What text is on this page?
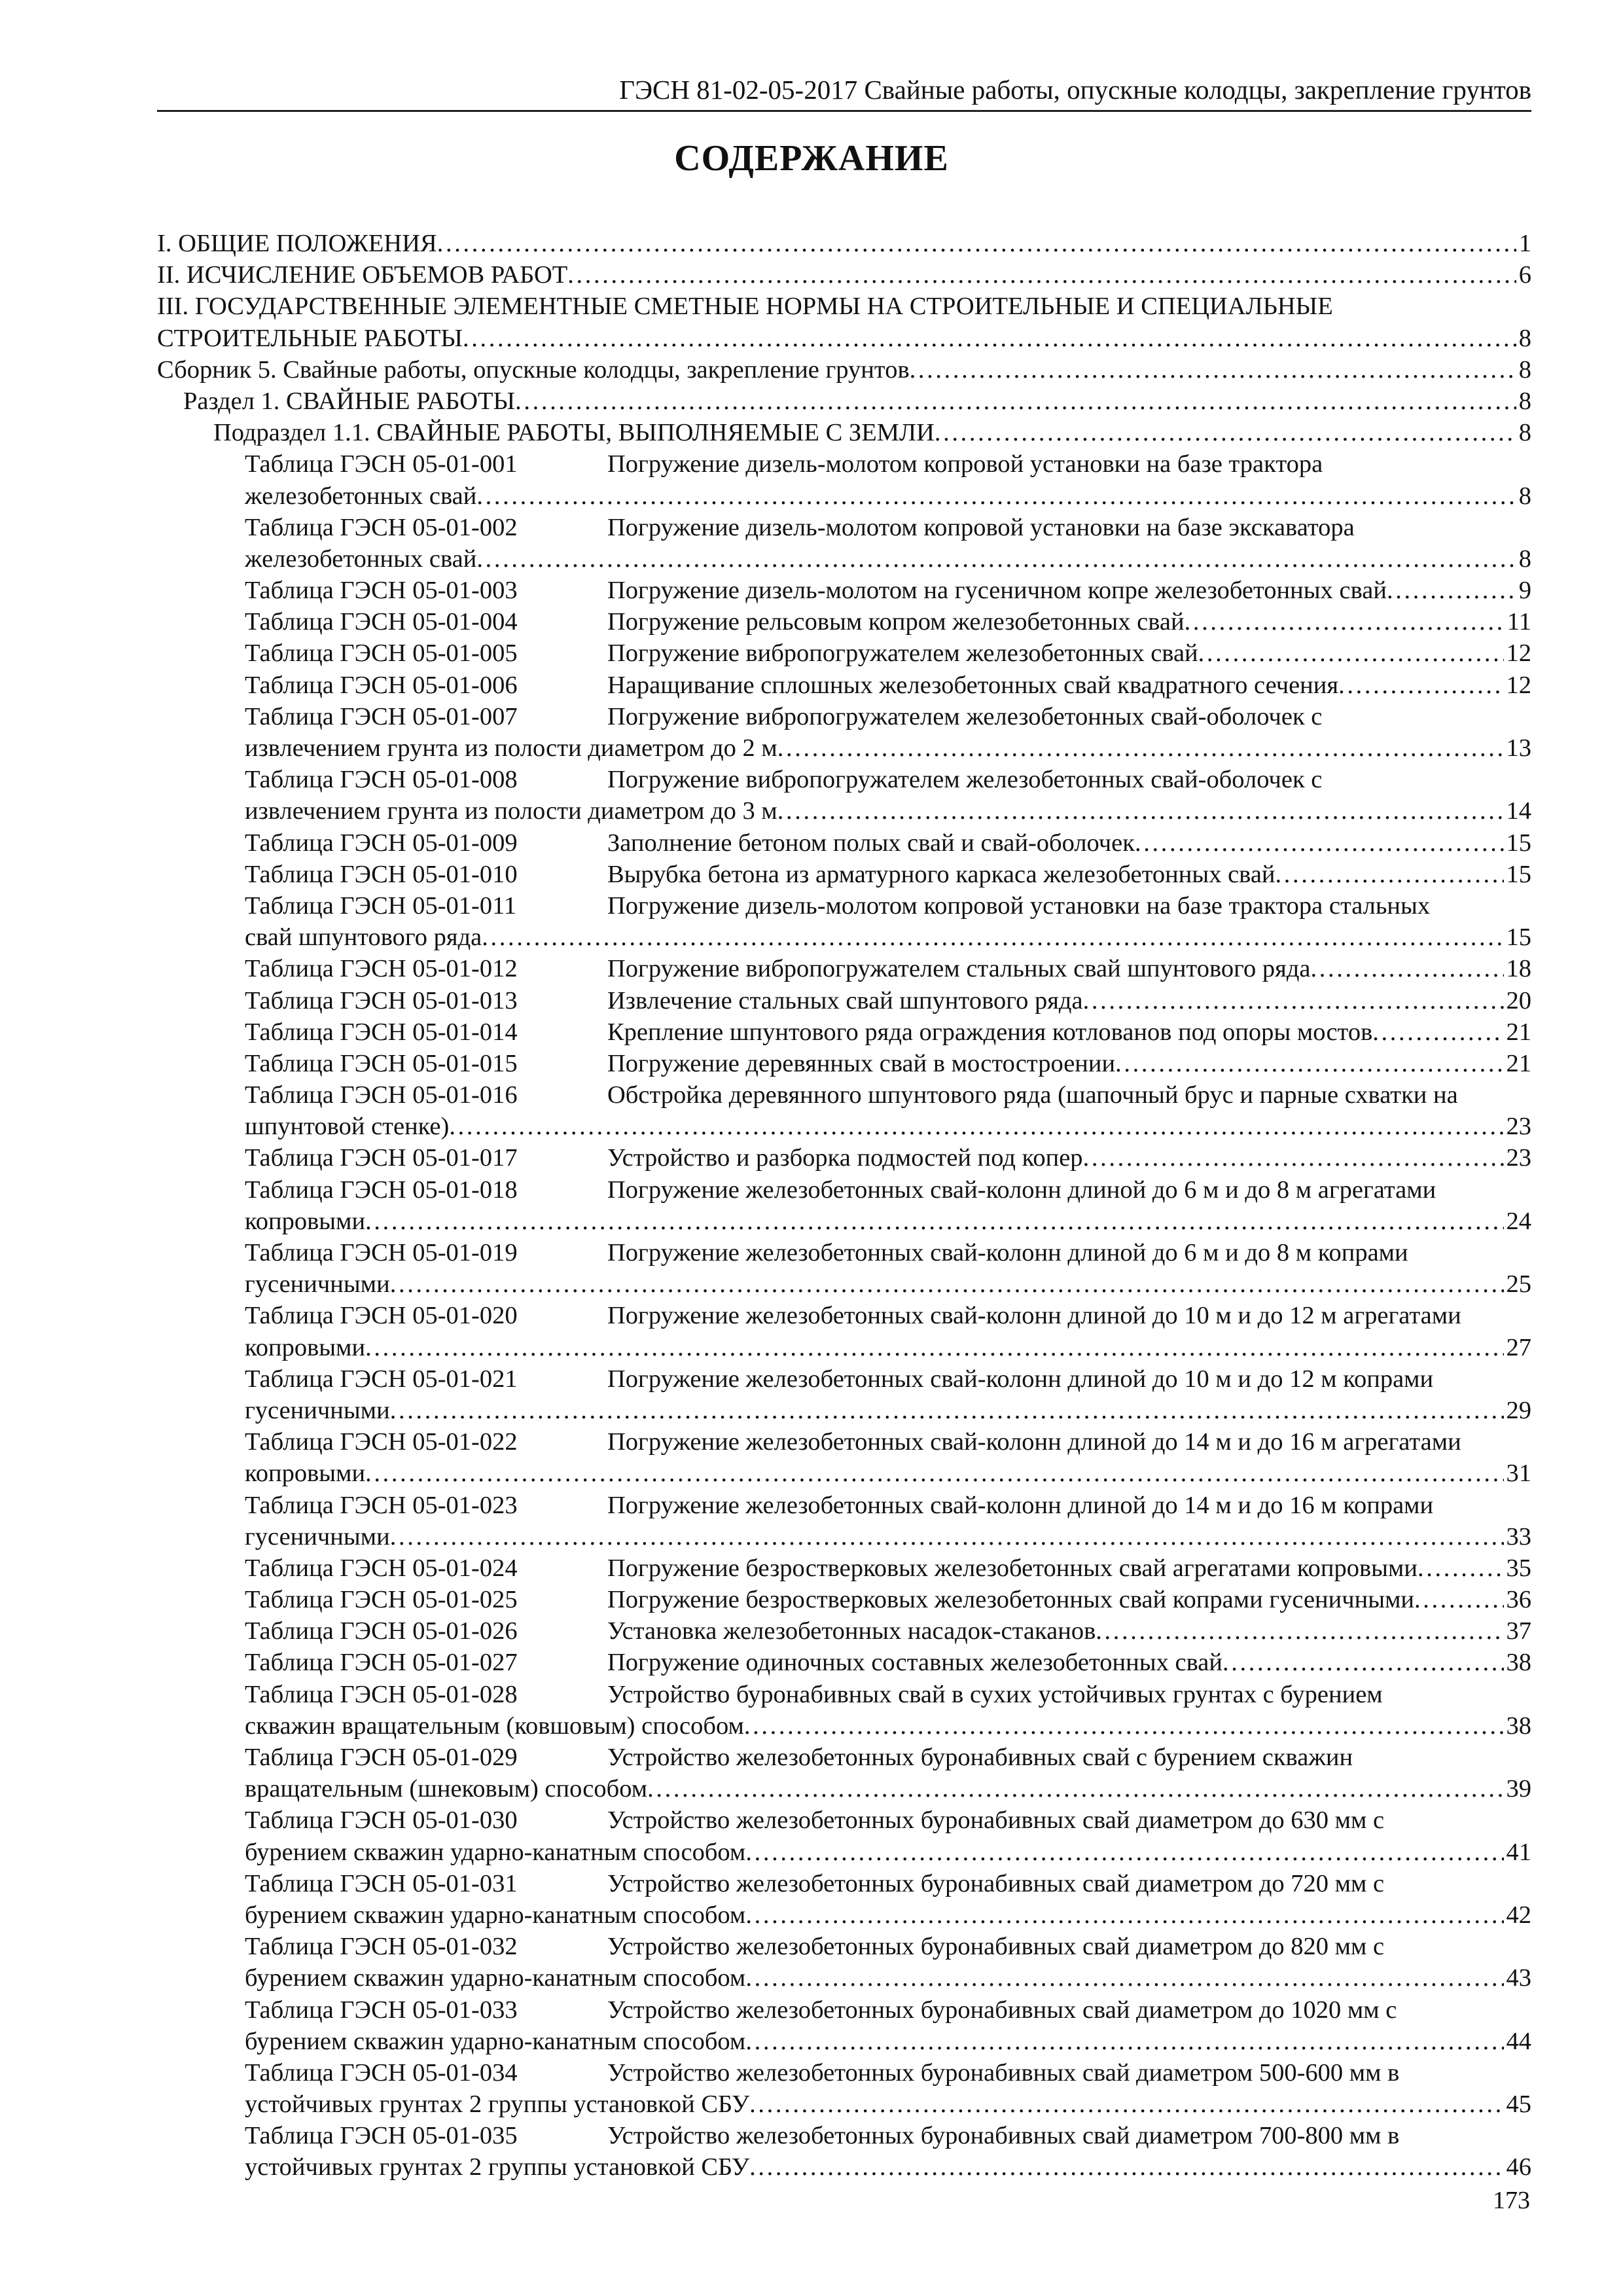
ГЭСН 81-02-05-2017 Свайные работы, опускные колодцы, закрепление грунтов
СОДЕРЖАНИЕ
I. ОБЩИЕ ПОЛОЖЕНИЯ . . .	1
II. ИСЧИСЛЕНИЕ ОБЪЕМОВ РАБОТ . . .	6
III. ГОСУДАРСТВЕННЫЕ ЭЛЕМЕНТНЫЕ СМЕТНЫЕ НОРМЫ НА СТРОИТЕЛЬНЫЕ И СПЕЦИАЛЬНЫЕ
СТРОИТЕЛЬНЫЕ РАБОТЫ . . .	8
Сборник 5. Свайные работы, опускные колодцы, закрепление грунтов . . .	8
Раздел 1. СВАЙНЫЕ РАБОТЫ . . .	8
Подраздел 1.1. СВАЙНЫЕ РАБОТЫ, ВЫПОЛНЯЕМЫЕ С ЗЕМЛИ . . .	8
Таблица ГЭСН 05-01-001	Погружение дизель-молотом копровой установки на базе трактора
железобетонных свай . . .	8
Таблица ГЭСН 05-01-002	Погружение дизель-молотом копровой установки на базе экскаватора
железобетонных свай . . .	8
Таблица ГЭСН 05-01-003	Погружение дизель-молотом на гусеничном копре железобетонных свай . . .	9
Таблица ГЭСН 05-01-004	Погружение рельсовым копром железобетонных свай . . .	11
Таблица ГЭСН 05-01-005	Погружение вибропогружателем железобетонных свай . . .	12
Таблица ГЭСН 05-01-006	Наращивание сплошных железобетонных свай квадратного сечения . . .	12
Таблица ГЭСН 05-01-007	Погружение вибропогружателем железобетонных свай-оболочек с
извлечением грунта из полости диаметром до 2 м . . .	13
Таблица ГЭСН 05-01-008	Погружение вибропогружателем железобетонных свай-оболочек с
извлечением грунта из полости диаметром до 3 м . . .	14
Таблица ГЭСН 05-01-009	Заполнение бетоном полых свай и свай-оболочек . . .	15
Таблица ГЭСН 05-01-010	Вырубка бетона из арматурного каркаса железобетонных свай . . .	15
Таблица ГЭСН 05-01-011	Погружение дизель-молотом копровой установки на базе трактора стальных
свай шпунтового ряда . . .	15
Таблица ГЭСН 05-01-012	Погружение вибропогружателем стальных свай шпунтового ряда . . .	18
Таблица ГЭСН 05-01-013	Извлечение стальных свай шпунтового ряда . . .	20
Таблица ГЭСН 05-01-014	Крепление шпунтового ряда ограждения котлованов под опоры мостов . . .	21
Таблица ГЭСН 05-01-015	Погружение деревянных свай в мостостроении . . .	21
Таблица ГЭСН 05-01-016	Обстройка деревянного шпунтового ряда (шапочный брус и парные схватки на
шпунтовой стенке) . . .	23
Таблица ГЭСН 05-01-017	Устройство и разборка подмостей под копер . . .	23
Таблица ГЭСН 05-01-018	Погружение железобетонных свай-колонн длиной до 6 м и до 8 м агрегатами
копровыми . . .	24
Таблица ГЭСН 05-01-019	Погружение железобетонных свай-колонн длиной до 6 м и до 8 м копрами
гусеничными . . .	25
Таблица ГЭСН 05-01-020	Погружение железобетонных свай-колонн длиной до 10 м и до 12 м агрегатами
копровыми . . .	27
Таблица ГЭСН 05-01-021	Погружение железобетонных свай-колонн длиной до 10 м и до 12 м копрами
гусеничными . . .	29
Таблица ГЭСН 05-01-022	Погружение железобетонных свай-колонн длиной до 14 м и до 16 м агрегатами
копровыми . . .	31
Таблица ГЭСН 05-01-023	Погружение железобетонных свай-колонн длиной до 14 м и до 16 м копрами
гусеничными . . .	33
Таблица ГЭСН 05-01-024	Погружение безростверковых железобетонных свай агрегатами копровыми . . .	35
Таблица ГЭСН 05-01-025	Погружение безростверковых железобетонных свай копрами гусеничными . . .	36
Таблица ГЭСН 05-01-026	Установка железобетонных насадок-стаканов . . .	37
Таблица ГЭСН 05-01-027	Погружение одиночных составных железобетонных свай . . .	38
Таблица ГЭСН 05-01-028	Устройство буронабивных свай в сухих устойчивых грунтах с бурением
скважин вращательным (ковшовым) способом . . .	38
Таблица ГЭСН 05-01-029	Устройство железобетонных буронабивных свай с бурением скважин
вращательным (шнековым) способом . . .	39
Таблица ГЭСН 05-01-030	Устройство железобетонных буронабивных свай диаметром до 630 мм с
бурением скважин ударно-канатным способом . . .	41
Таблица ГЭСН 05-01-031	Устройство железобетонных буронабивных свай диаметром до 720 мм с
бурением скважин ударно-канатным способом . . .	42
Таблица ГЭСН 05-01-032	Устройство железобетонных буронабивных свай диаметром до 820 мм с
бурением скважин ударно-канатным способом . . .	43
Таблица ГЭСН 05-01-033	Устройство железобетонных буронабивных свай диаметром до 1020 мм с
бурением скважин ударно-канатным способом . . .	44
Таблица ГЭСН 05-01-034	Устройство железобетонных буронабивных свай диаметром 500-600 мм в
устойчивых грунтах 2 группы установкой СБУ . . .	45
Таблица ГЭСН 05-01-035	Устройство железобетонных буронабивных свай диаметром 700-800 мм в
устойчивых грунтах 2 группы установкой СБУ . . .	46
173
